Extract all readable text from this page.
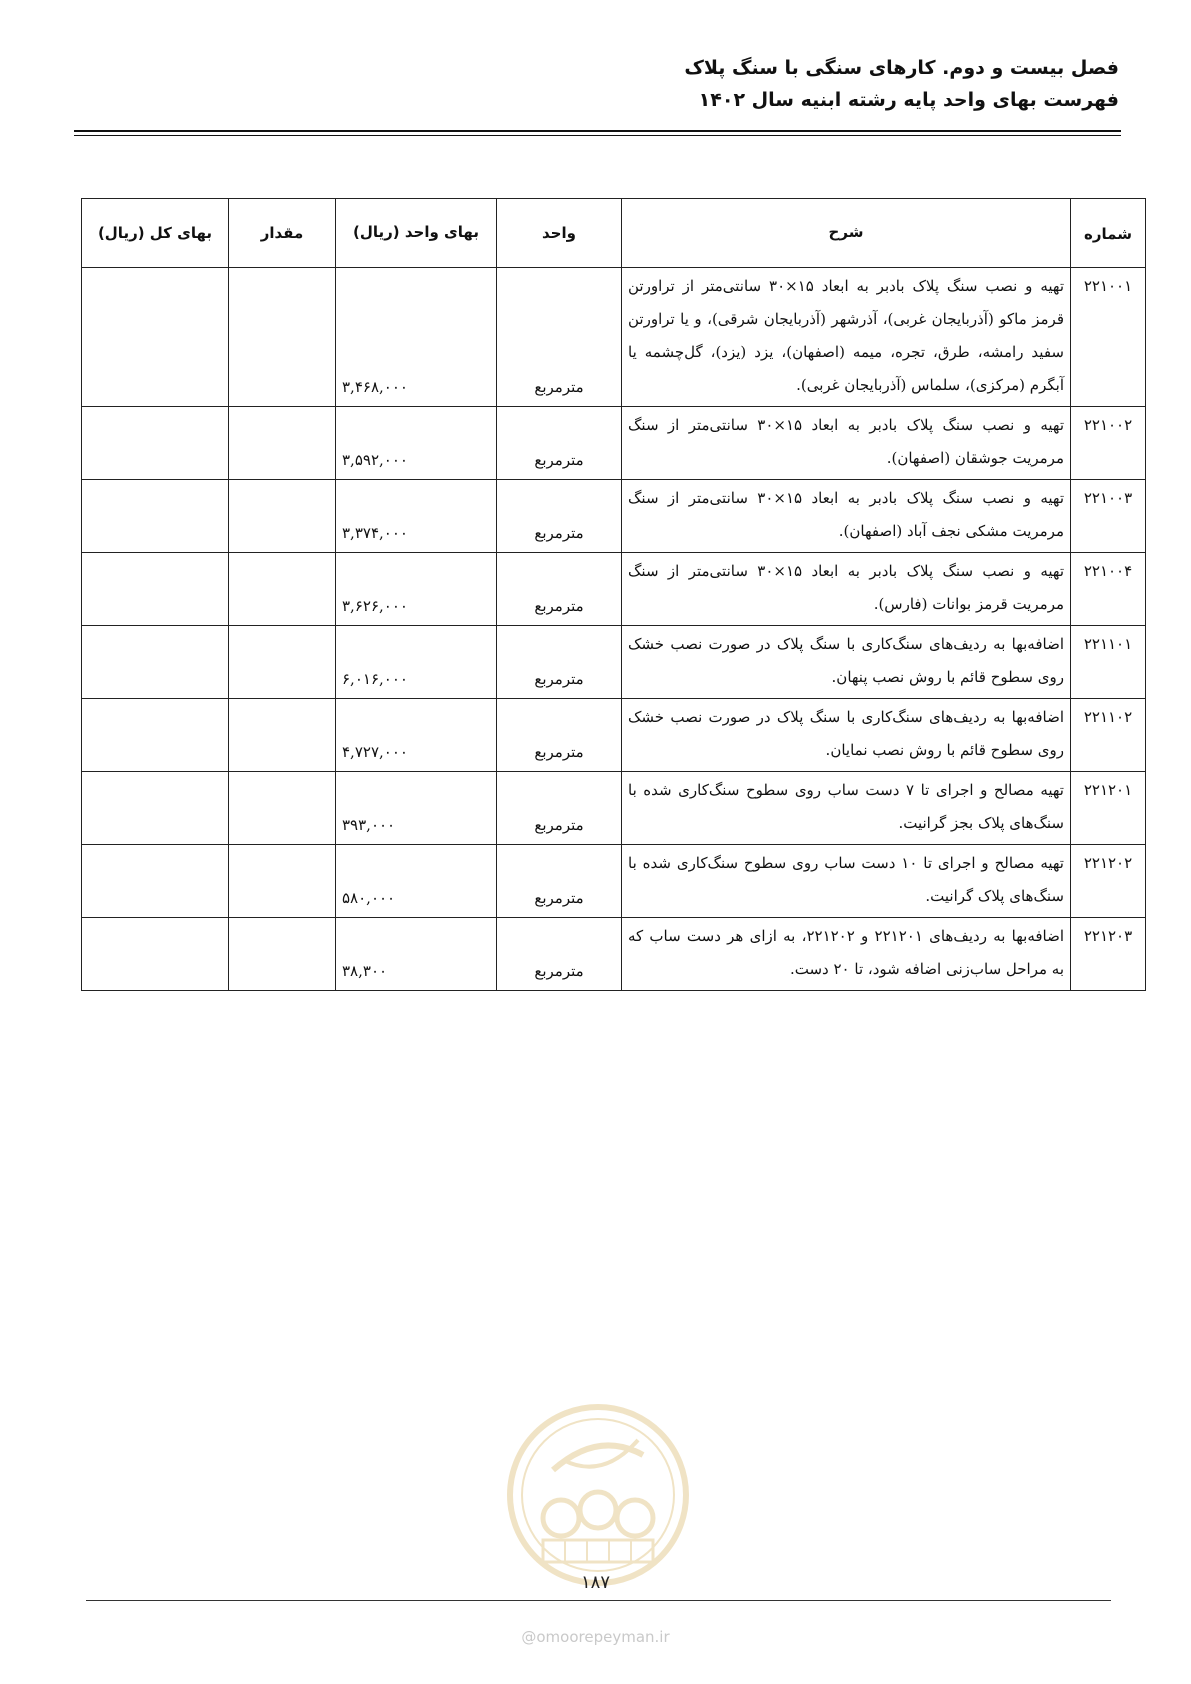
فصل بیست و دوم. کارهای سنگی با سنگ پلاک
فهرست بهای واحد پایه رشته ابنیه سال ۱۴۰۲
شماره	شرح	واحد	بهای واحد (ریال)	مقدار	بهای کل (ریال)
۲۲۱۰۰۱	تهیه و نصب سنگ پلاک بادبر به ابعاد ۱۵×۳۰ سانتی‌متر از تراورتن قرمز ماکو (آذربایجان غربی)، آذرشهر (آذربایجان شرقی)، و یا تراورتن سفید رامشه، طرق، تجره، میمه (اصفهان)، یزد (یزد)، گل‌چشمه یا آبگرم (مرکزی)، سلماس (آذربایجان غربی).	مترمربع	۳,۴۶۸,۰۰۰		
۲۲۱۰۰۲	تهیه و نصب سنگ پلاک بادبر به ابعاد ۱۵×۳۰ سانتی‌متر از سنگ مرمریت جوشقان (اصفهان).	مترمربع	۳,۵۹۲,۰۰۰		
۲۲۱۰۰۳	تهیه و نصب سنگ پلاک بادبر به ابعاد ۱۵×۳۰ سانتی‌متر از سنگ مرمریت مشکی نجف آباد (اصفهان).	مترمربع	۳,۳۷۴,۰۰۰		
۲۲۱۰۰۴	تهیه و نصب سنگ پلاک بادبر به ابعاد ۱۵×۳۰ سانتی‌متر از سنگ مرمریت قرمز بوانات (فارس).	مترمربع	۳,۶۲۶,۰۰۰		
۲۲۱۱۰۱	اضافه‌بها به ردیف‌های سنگ‌کاری با سنگ پلاک در صورت نصب خشک روی سطوح قائم با روش نصب پنهان.	مترمربع	۶,۰۱۶,۰۰۰		
۲۲۱۱۰۲	اضافه‌بها به ردیف‌های سنگ‌کاری با سنگ پلاک در صورت نصب خشک روی سطوح قائم با روش نصب نمایان.	مترمربع	۴,۷۲۷,۰۰۰		
۲۲۱۲۰۱	تهیه مصالح و اجرای تا ۷ دست ساب روی سطوح سنگ‌کاری شده با سنگ‌های پلاک بجز گرانیت.	مترمربع	۳۹۳,۰۰۰		
۲۲۱۲۰۲	تهیه مصالح و اجرای تا ۱۰ دست ساب روی سطوح سنگ‌کاری شده با سنگ‌های پلاک گرانیت.	مترمربع	۵۸۰,۰۰۰		
۲۲۱۲۰۳	اضافه‌بها به ردیف‌های ۲۲۱۲۰۱ و ۲۲۱۲۰۲، به ازای هر دست ساب که به مراحل ساب‌زنی اضافه شود، تا ۲۰ دست.	مترمربع	۳۸,۳۰۰		
۱۸۷
@omoorepeyman.ir
